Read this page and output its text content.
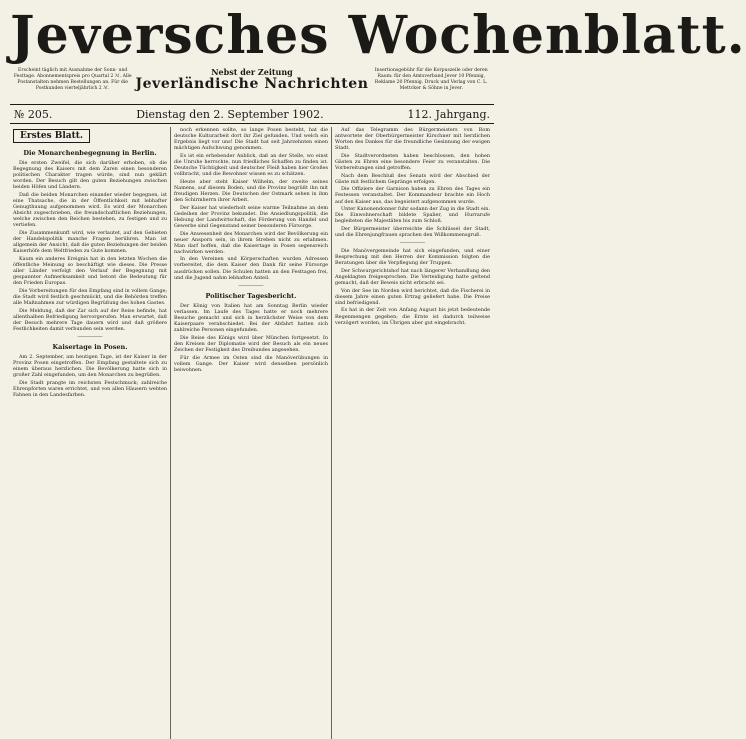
Jeversches Wochenblatt.
Erscheint täglich mit Ausnahme der Sonn- und Festtage. Abonnementspreis pro Quartal 2 ℳ. Alle Postanstalten nehmen Bestellungen an. Für die Postkunden vierteljährlich 2 ℳ.
Nebst der Zeitung
Jeverländische Nachrichten
Insertionsgebühr für die Korpuszeile oder deren Raum: für den Amtsverband Jever 10 Pfennig, Reklame 20 Pfennig. Druck und Verlag von C. L. Mettcker & Söhne in Jever.
№ 205.	Dienstag den 2. September 1902.	112. Jahrgang.
Erstes Blatt.
Die Monarchenbegegnung in Berlin.

Die ersten Zweifel, die sich darüber erhoben, ob die Begegnung des Kaisers mit dem Zaren einen besonderen politischen Charakter tragen würde, sind nun geklärt worden. Der Besuch gilt den guten Beziehungen zwischen beiden Höfen und Ländern.

Daß die beiden Monarchen einander wieder begegnen, ist eine Thatsache, die in der Öffentlichkeit mit lebhafter Genugthuung aufgenommen wird. Es wird der Monarchen Absicht zugeschrieben, die freundschaftlichen Beziehungen, welche zwischen den Reichen bestehen, zu festigen und zu vertiefen.

Die Zusammenkunft wird, wie verlautet, auf den Gebieten der Handelspolitik manche Fragen berühren. Man ist allgemein der Ansicht, daß die guten Beziehungen der beiden Kaiserhöfe dem Weltfrieden zu Gute kommen.

Kaum ein anderes Ereignis hat in den letzten Wochen die öffentliche Meinung so beschäftigt wie dieses. Die Presse aller Länder verfolgt den Verlauf der Begegnung mit gespannter Aufmerksamkeit und betont die Bedeutung für den Frieden Europas.

Die Vorbereitungen für den Empfang sind in vollem Gange; die Stadt wird festlich geschmückt, und die Behörden treffen alle Maßnahmen zur würdigen Begrüßung des hohen Gastes.

Die Meldung, daß der Zar sich auf der Reise befinde, hat allenthalben Befriedigung hervorgerufen. Man erwartet, daß der Besuch mehrere Tage dauern wird und daß größere Festlichkeiten damit verbunden sein werden.

―――――
Kaisertage in Posen.

Am 2. September, am heutigen Tage, ist der Kaiser in der Provinz Posen eingetroffen. Der Empfang gestaltete sich zu einem überaus herzlichen. Die Bevölkerung hatte sich in großer Zahl eingefunden, um den Monarchen zu begrüßen.

Die Stadt prangte im reichsten Festschmuck; zahlreiche Ehrenpforten waren errichtet, und von allen Häusern wehten Fahnen in den Landesfarben.

noch erkennen sollte, so lange Posen besteht, hat die deutsche Kulturarbeit dort ihr Ziel gefunden. Und welch ein Ergebnis liegt vor uns! Die Stadt hat seit Jahrzehnten einen mächtigen Aufschwung genommen.

Es ist ein erhebender Anblick, daß an der Stelle, wo einst die Unruhe herrschte, nun friedliches Schaffen zu finden ist. Deutsche Tüchtigkeit und deutscher Fleiß haben hier Großes vollbracht, und die Bewohner wissen es zu schätzen.

Heute aber steht Kaiser Wilhelm, der zweite seines Namens, auf diesem Boden, und die Provinz begrüßt ihn mit freudigen Herzen. Die Deutschen der Ostmark sehen in ihm den Schirmherrn ihrer Arbeit.

Der Kaiser hat wiederholt seine warme Teilnahme an dem Gedeihen der Provinz bekundet. Die Ansiedlungspolitik, die Hebung der Landwirtschaft, die Förderung von Handel und Gewerbe sind Gegenstand seiner besonderen Fürsorge.

Die Anwesenheit des Monarchen wird der Bevölkerung ein neuer Ansporn sein, in ihrem Streben nicht zu erlahmen. Man darf hoffen, daß die Kaisertage in Posen segensreich nachwirken werden.

In den Vereinen und Körperschaften wurden Adressen vorbereitet, die dem Kaiser den Dank für seine Fürsorge ausdrücken sollen. Die Schulen hatten an den Festtagen frei, und die Jugend nahm lebhaften Anteil.

―――――
Politischer Tagesbericht.

Der König von Italien hat am Sonntag Berlin wieder verlassen. Im Laufe des Tages hatte er noch mehrere Besuche gemacht und sich in herzlichster Weise von dem Kaiserpaare verabschiedet. Bei der Abfahrt hatten sich zahlreiche Personen eingefunden.

Die Reise des Königs wird über München fortgesetzt. In den Kreisen der Diplomatie wird der Besuch als ein neues Zeichen der Festigkeit des Dreibundes angesehen.

Für die Armee im Osten sind die Manöverübungen in vollem Gange. Der Kaiser wird denselben persönlich beiwohnen.

Auf das Telegramm des Bürgermeisters von Rom antwortete der Oberbürgermeister Kirschner mit herzlichen Worten des Dankes für die freundliche Gesinnung der ewigen Stadt.

Die Stadtverordneten haben beschlossen, den hohen Gästen zu Ehren eine besondere Feier zu veranstalten. Die Vorbereitungen sind getroffen.

Nach dem Beschluß des Senats wird der Abschied der Gäste mit festlichem Gepränge erfolgen.

Die Offiziere der Garnison haben zu Ehren des Tages ein Festessen veranstaltet. Der Kommandeur brachte ein Hoch auf den Kaiser aus, das begeistert aufgenommen wurde.

Unter Kanonendonner fuhr sodann der Zug in die Stadt ein. Die Einwohnerschaft bildete Spalier, und Hurrarufe begleiteten die Majestäten bis zum Schloß.

Der Bürgermeister überreichte die Schlüssel der Stadt, und die Ehrenjungfrauen sprachen den Willkommensgruß.

―――――

Die Manövergemeinde hat sich eingefunden, und einer Besprechung mit den Herren der Kommission folgten die Beratungen über die Verpflegung der Truppen.

Der Schwurgerichtshof hat nach längerer Verhandlung den Angeklagten freigesprochen. Die Verteidigung hatte geltend gemacht, daß der Beweis nicht erbracht sei.

Von der See im Norden wird berichtet, daß die Fischerei in diesem Jahre einen guten Ertrag geliefert habe. Die Preise sind befriedigend.

Es hat in der Zeit von Anfang August bis jetzt bedeutende Regenmengen gegeben; die Ernte ist dadurch teilweise verzögert worden, im Übrigen aber gut eingebracht.
